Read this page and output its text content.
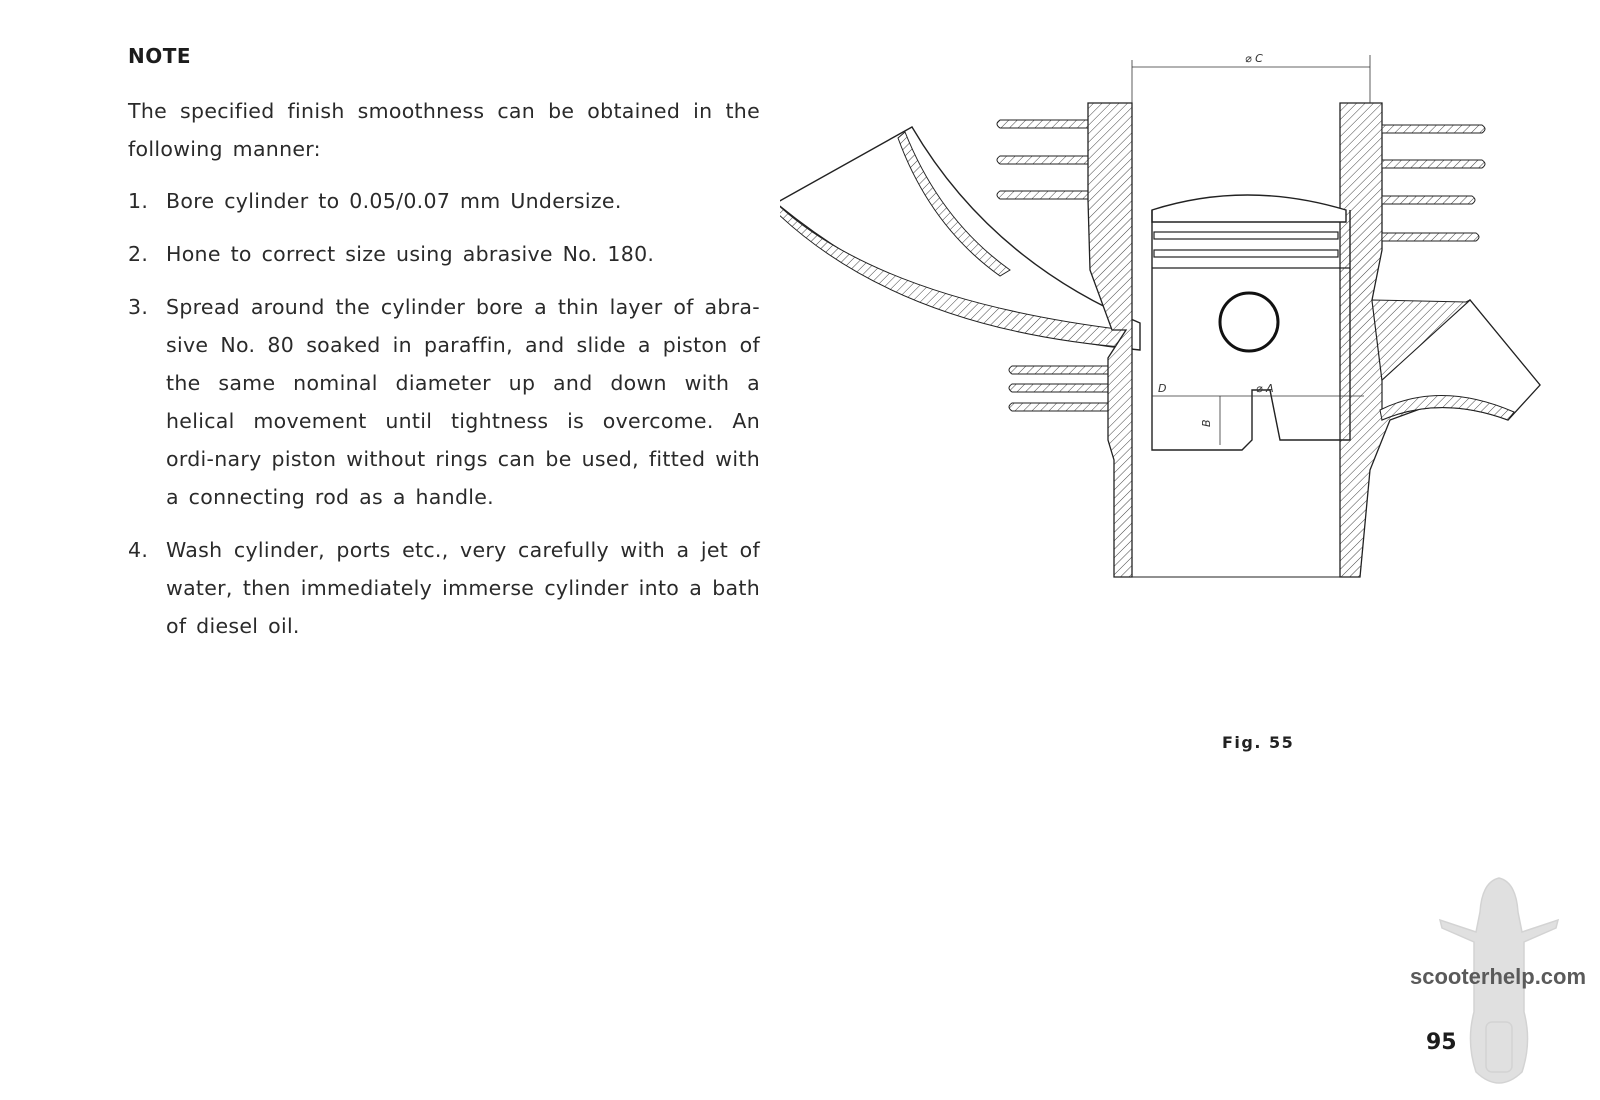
NOTE

The specified finish smoothness can be obtained in the following manner:

1. Bore cylinder to 0.05/0.07 mm Undersize.
2. Hone to correct size using abrasive No. 180.
3. Spread around the cylinder bore a thin layer of abra-sive No. 80 soaked in paraffin, and slide a piston of the same nominal diameter up and down with a helical movement until tightness is overcome. An ordi-nary piston without rings can be used, fitted with a connecting rod as a handle.
4. Wash cylinder, ports etc., very carefully with a jet of water, then immediately immerse cylinder into a bath of diesel oil.
⌀ C
D	⌀ A
B
Fig. 55
scooterhelp.com
95
